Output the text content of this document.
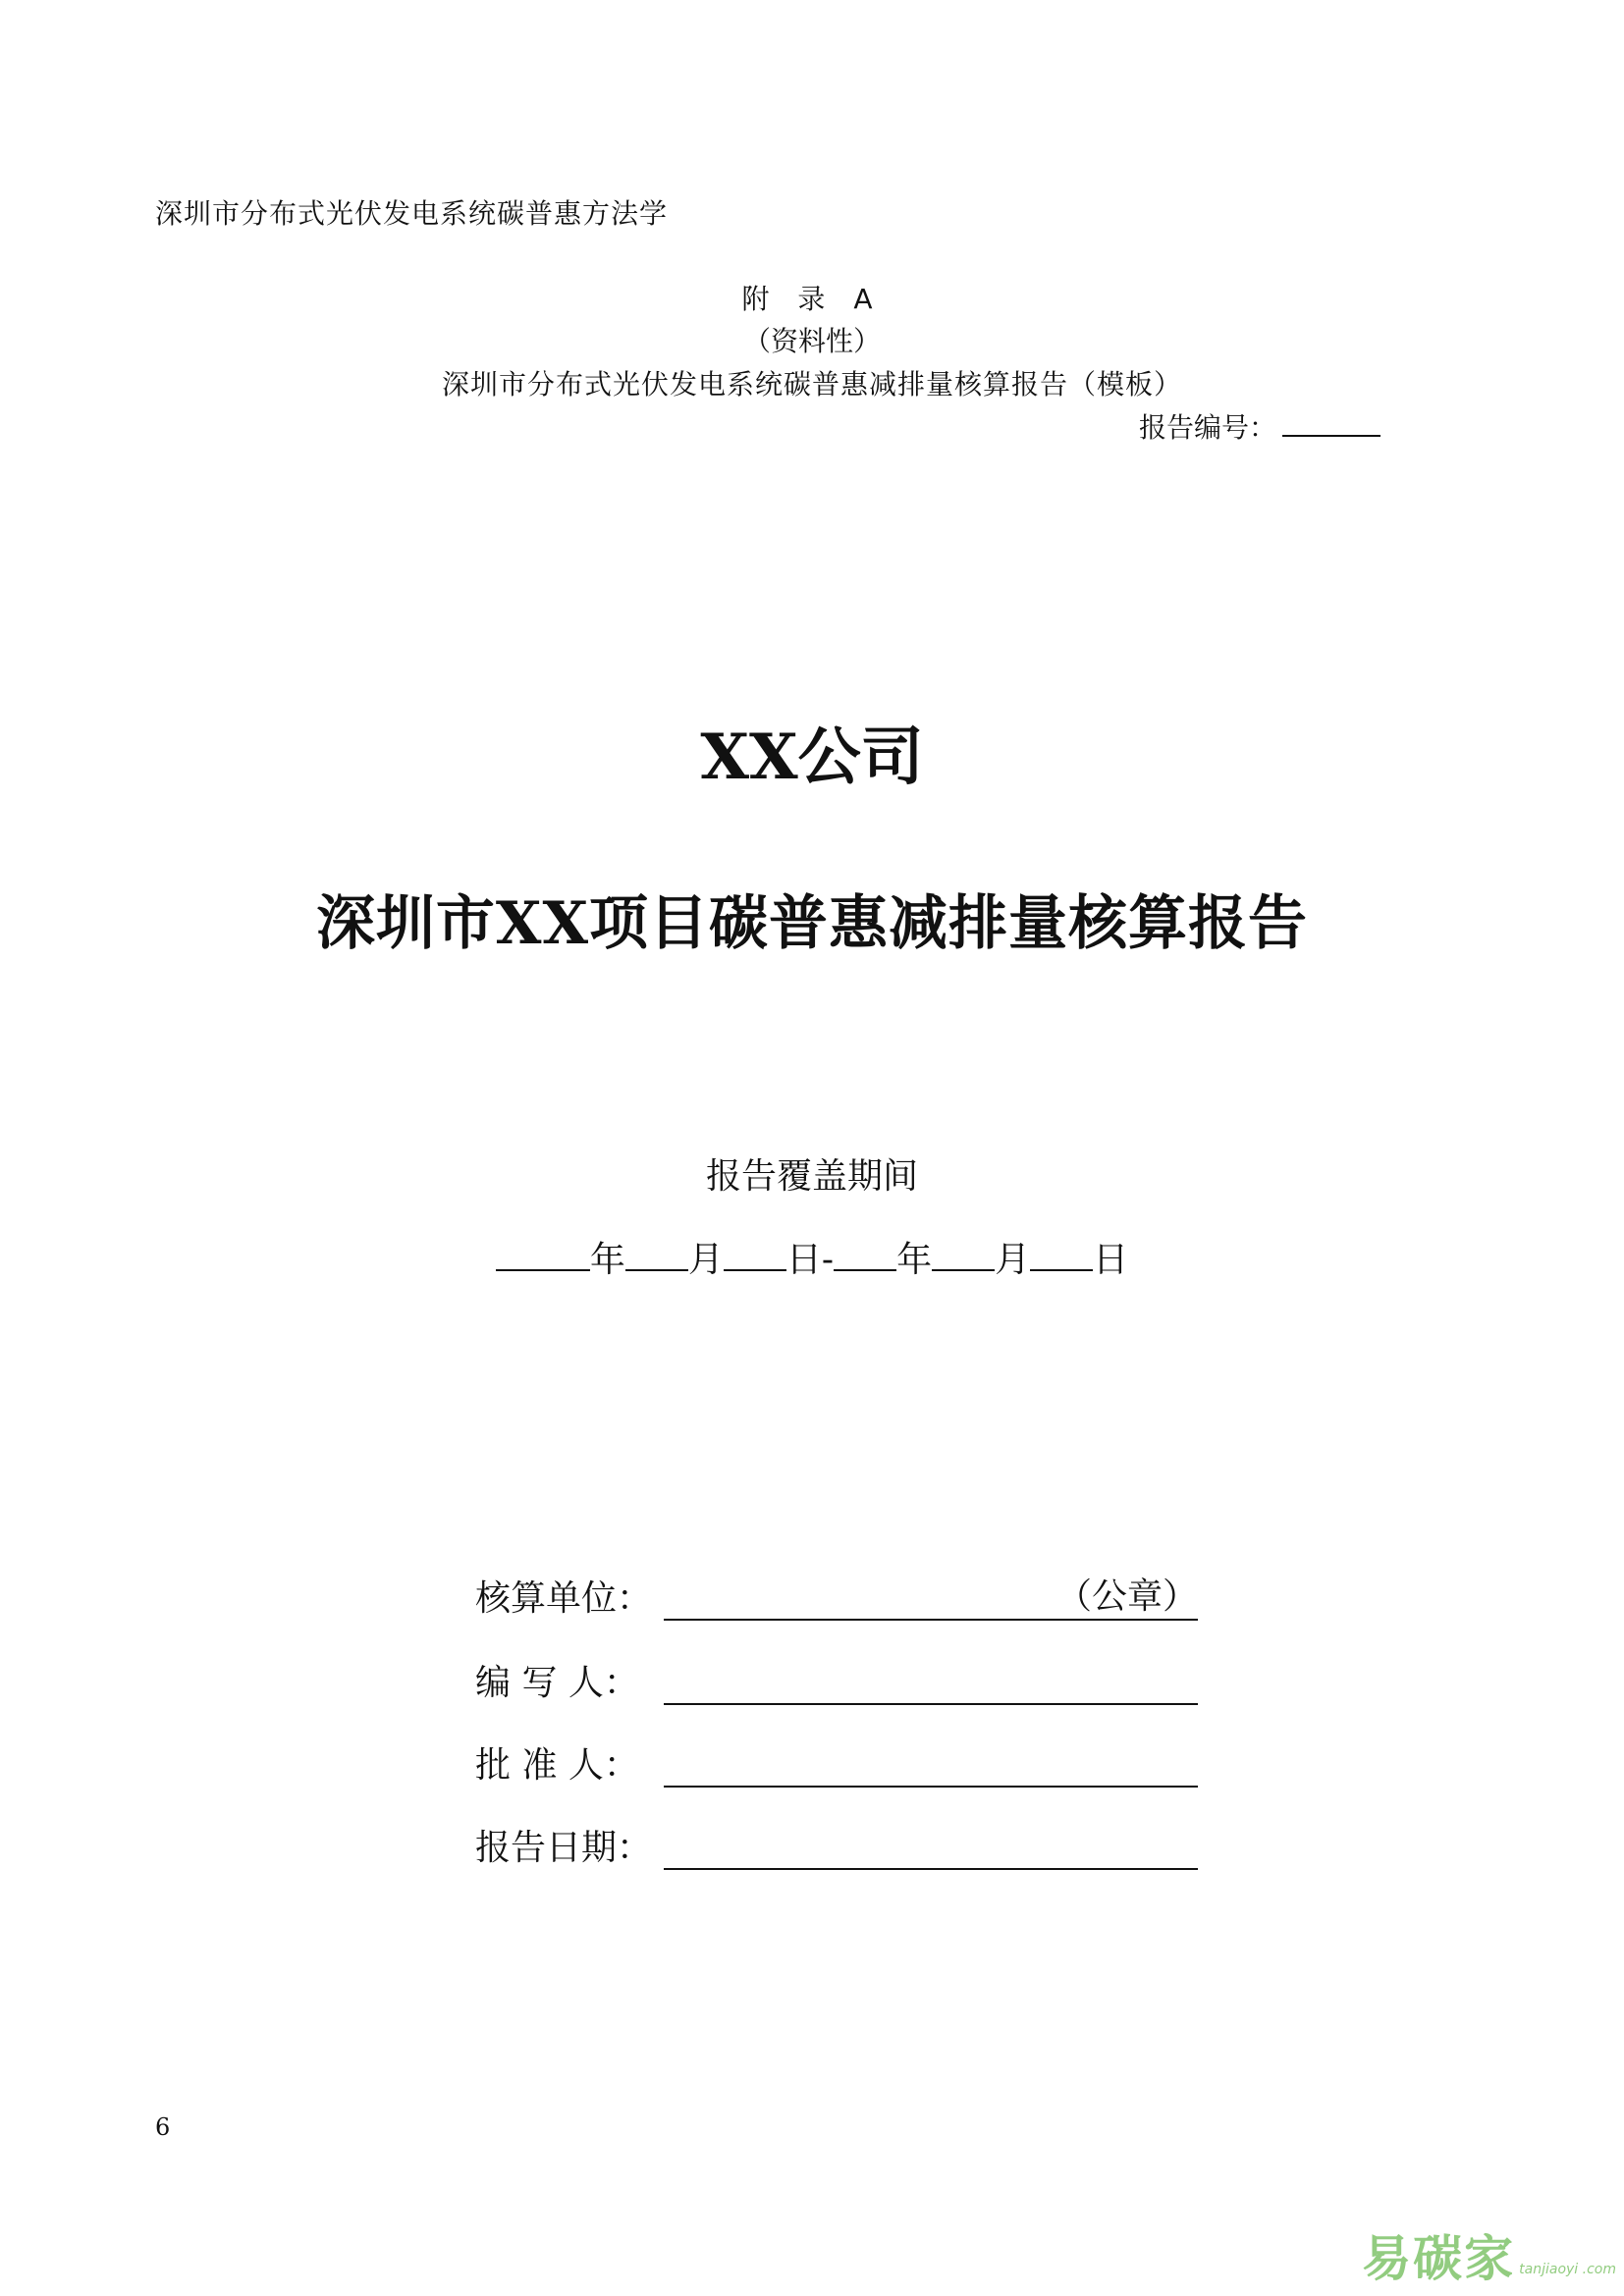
深圳市分布式光伏发电系统碳普惠方法学
附 录 A
（资料性）
深圳市分布式光伏发电系统碳普惠减排量核算报告（模板）
报告编号：
XX公司
深圳市XX项目碳普惠减排量核算报告
报告覆盖期间
年 月 日- 年 月 日
核算单位：	（公章）
编 写 人：
批 准 人：
报告日期：
6
易碳家 tanjiaoyi .com
